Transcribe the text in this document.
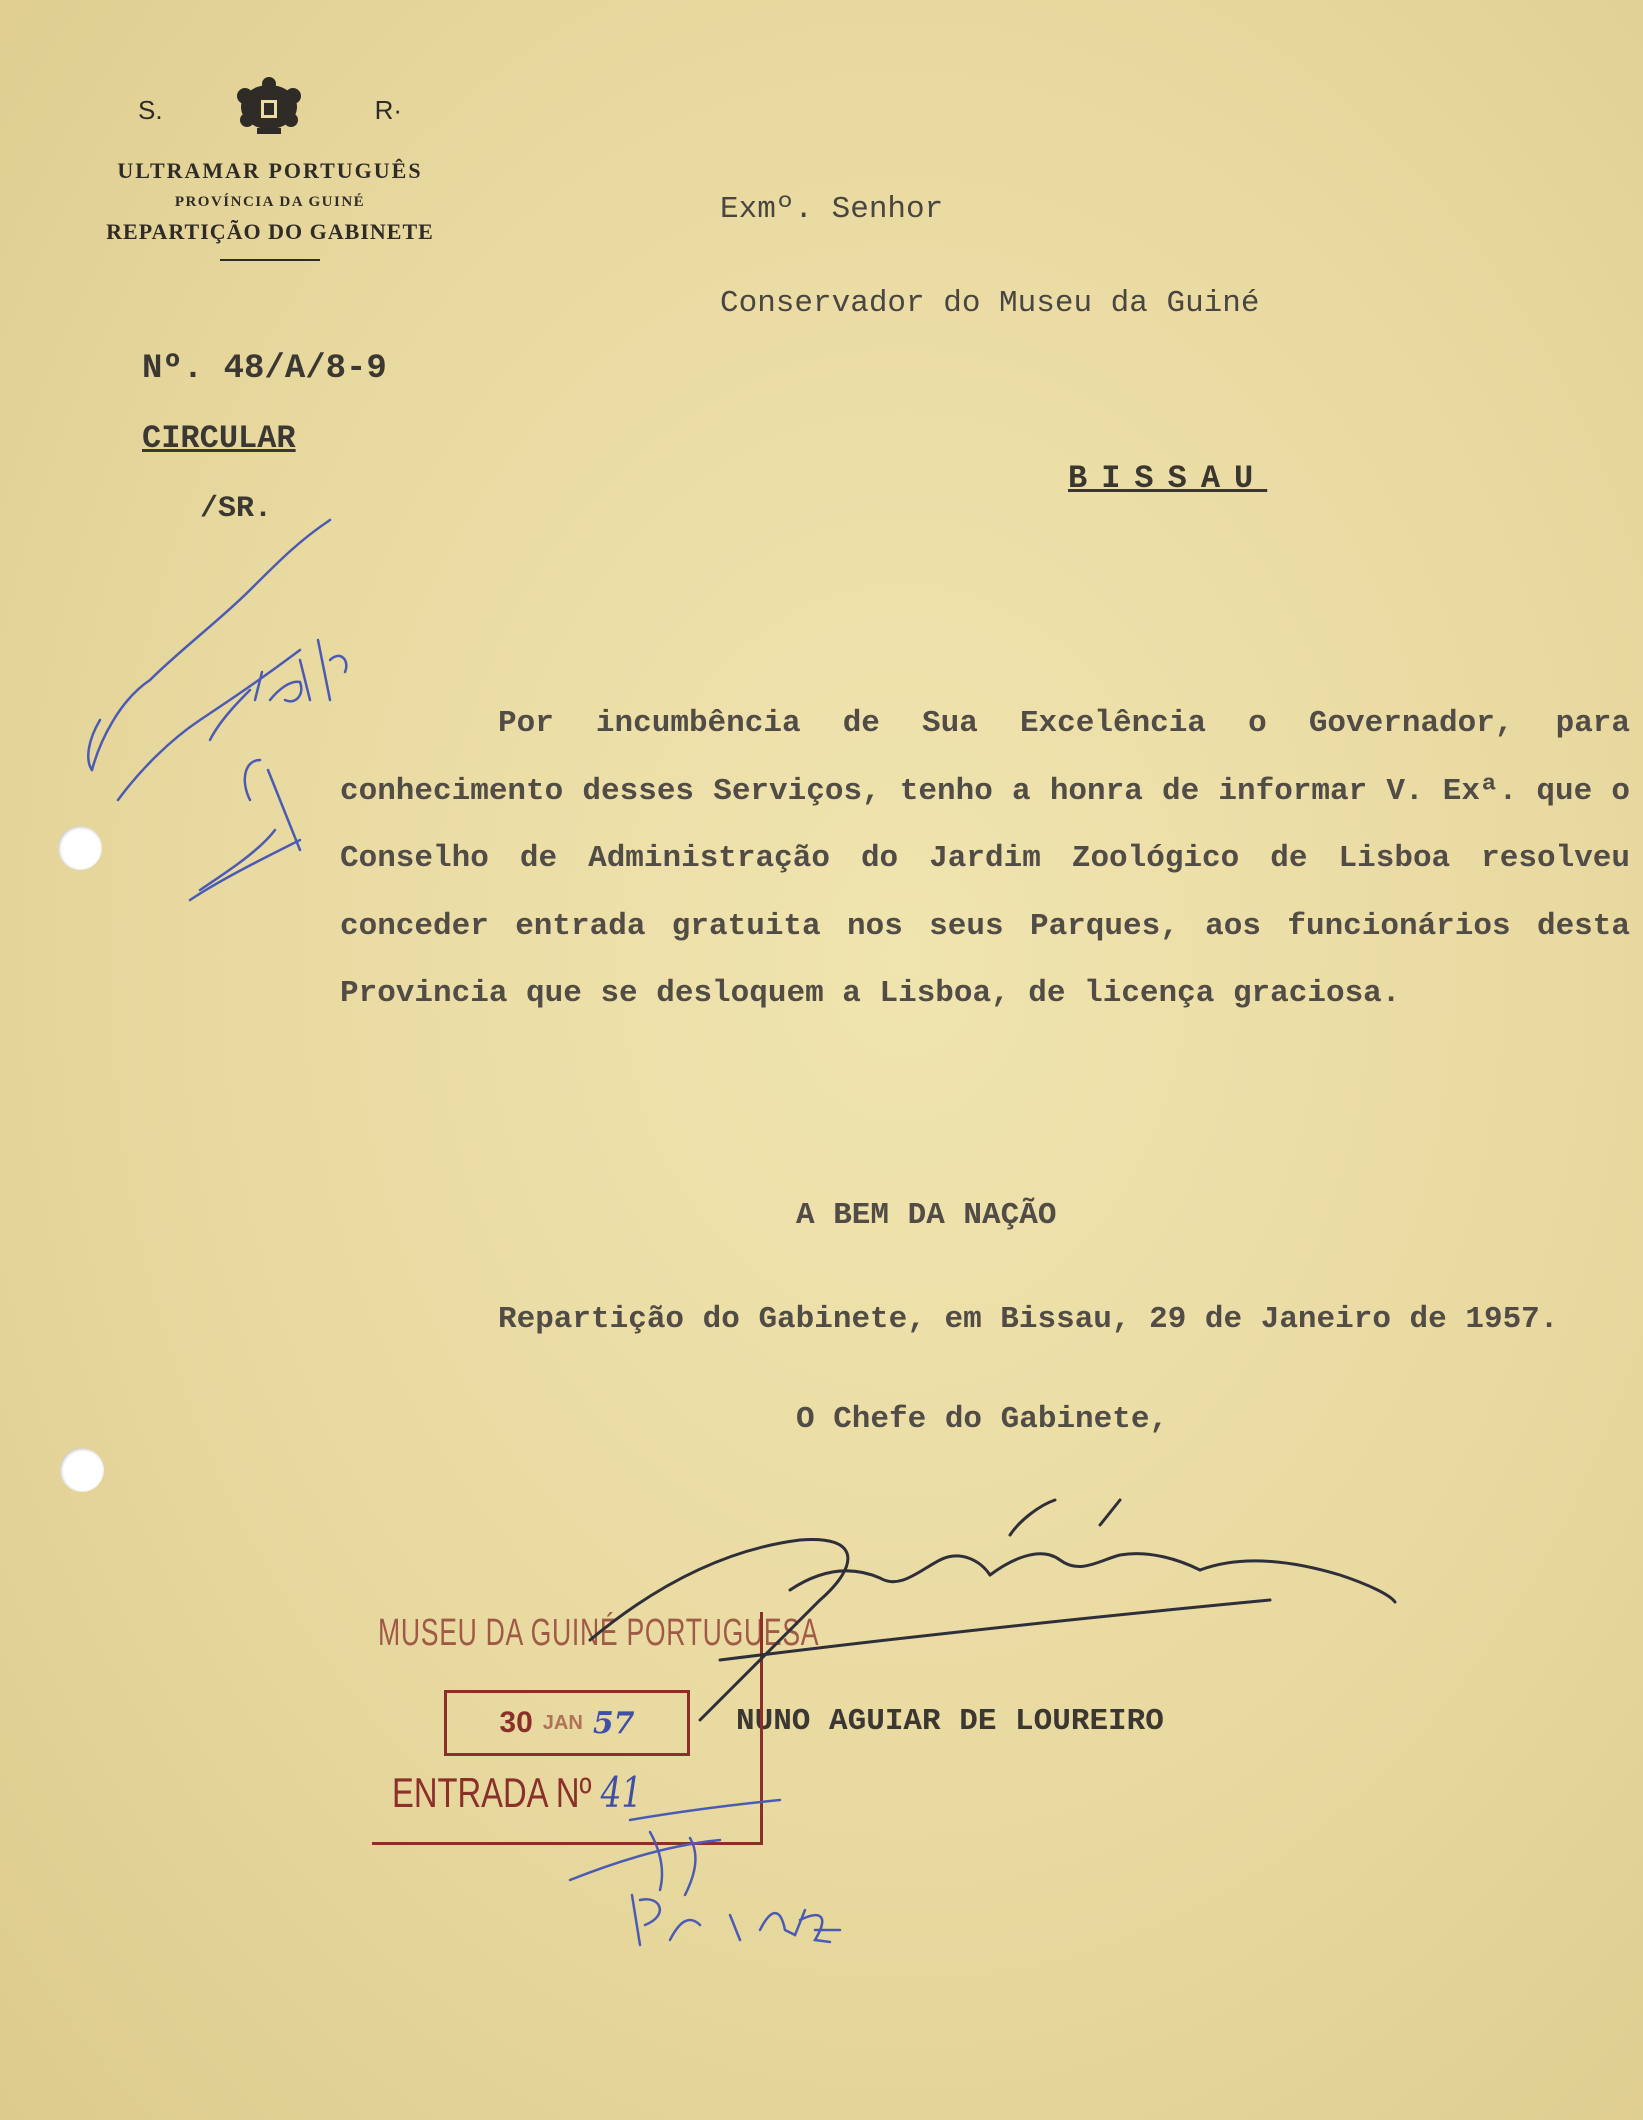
S.	R·
ULTRAMAR PORTUGUÊS
PROVÍNCIA DA GUINÉ
REPARTIÇÃO DO GABINETE
Nº. 48/A/8-9
CIRCULAR
/SR.
Exmº. Senhor
Conservador do Museu da Guiné
BISSAU
Por incumbência de Sua Excelência o Governador, para conhecimento desses Serviços, tenho a honra de informar V. Exª. que o Conselho de Administração do Jardim Zoológico de Lisboa resolveu conceder entrada gratuita nos seus Parques, aos funcionários desta Provincia que se desloquem a Lisboa, de licença graciosa.
A BEM DA NAÇÃO
Repartição do Gabinete, em Bissau, 29 de Janeiro de 1957.
O Chefe do Gabinete,
NUNO AGUIAR DE LOUREIRO
MUSEU DA GUINÉ PORTUGUESA
30 JAN 57
ENTRADA Nº 41
